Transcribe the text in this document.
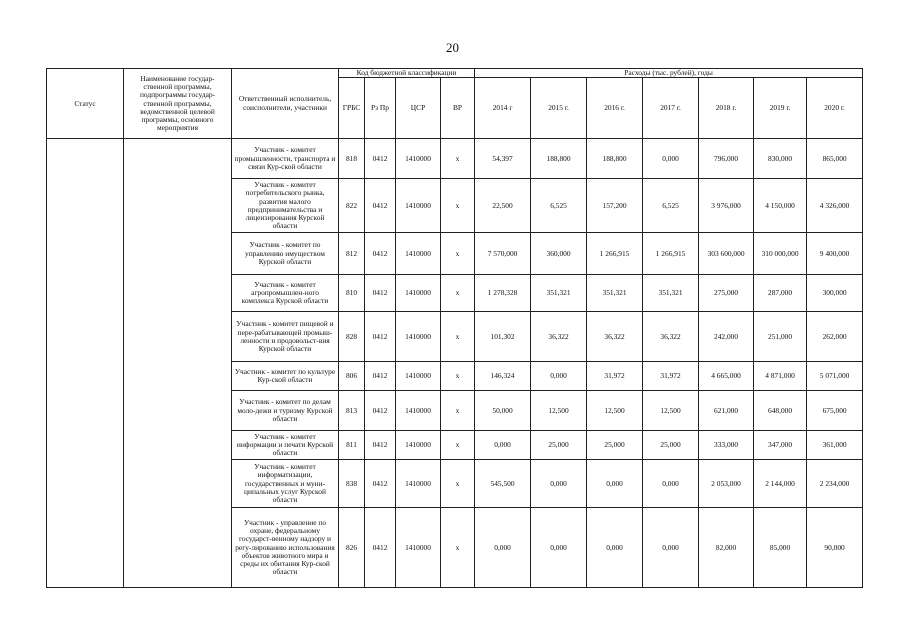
20
Статус	Наименование государ-ственной программы, подпрограммы государ-ственной программы, ведомственной целевой программы, основного мероприятия	Ответственный исполнитель, соисполнители, участники	Код бюджетной классификации				Расходы (тыс. рублей), годы						
			ГРБС	Рз Пр	ЦСР	ВР	2014 г	2015 г.	2016 г.	2017 г.	2018 г.	2019 г.	2020 г.
		Участник - комитет промышленности, транспорта и связи Кур-ской области	818	0412	1410000	x	54,397	188,800	188,800	0,000	796,000	830,000	865,000
		Участник - комитет потребительского рынка, развития малого предпринимательства и лицензирования Курской области	822	0412	1410000	x	22,500	6,525	157,200	6,525	3 976,000	4 150,000	4 326,000
		Участник - комитет по управлению имуществом Курской области	812	0412	1410000	x	7 570,000	360,000	1 266,915	1 266,915	303 600,000	310 000,000	9 400,000
		Участник - комитет агропромышлен-ного комплекса Курской области	810	0412	1410000	x	1 278,328	351,321	351,321	351,321	275,000	287,000	300,000
		Участник - комитет пищевой и пере-рабатывающей промыш-ленности и продовольст-вия Курской области	828	0412	1410000	x	101,302	36,322	36,322	36,322	242,000	251,000	262,000
		Участник - комитет по культуре Кур-ской области	806	0412	1410000	x	146,324	0,000	31,972	31,972	4 665,000	4 871,000	5 071,000
		Участник - комитет по делам моло-дежи и туризму Курской области	813	0412	1410000	x	50,000	12,500	12,500	12,500	621,000	648,000	675,000
		Участник - комитет информации и печати Курской области	811	0412	1410000	x	0,000	25,000	25,000	25,000	333,000	347,000	361,000
		Участник - комитет информатизации, государственных и муни-ципальных услуг Курской области	838	0412	1410000	x	545,500	0,000	0,000	0,000	2 053,000	2 144,000	2 234,000
		Участник - управление по охране, федеральному государст-венному надзору и регу-лированию использования объектов животного мира и среды их обитания Кур-ской области	826	0412	1410000	x	0,000	0,000	0,000	0,000	82,000	85,000	90,000
